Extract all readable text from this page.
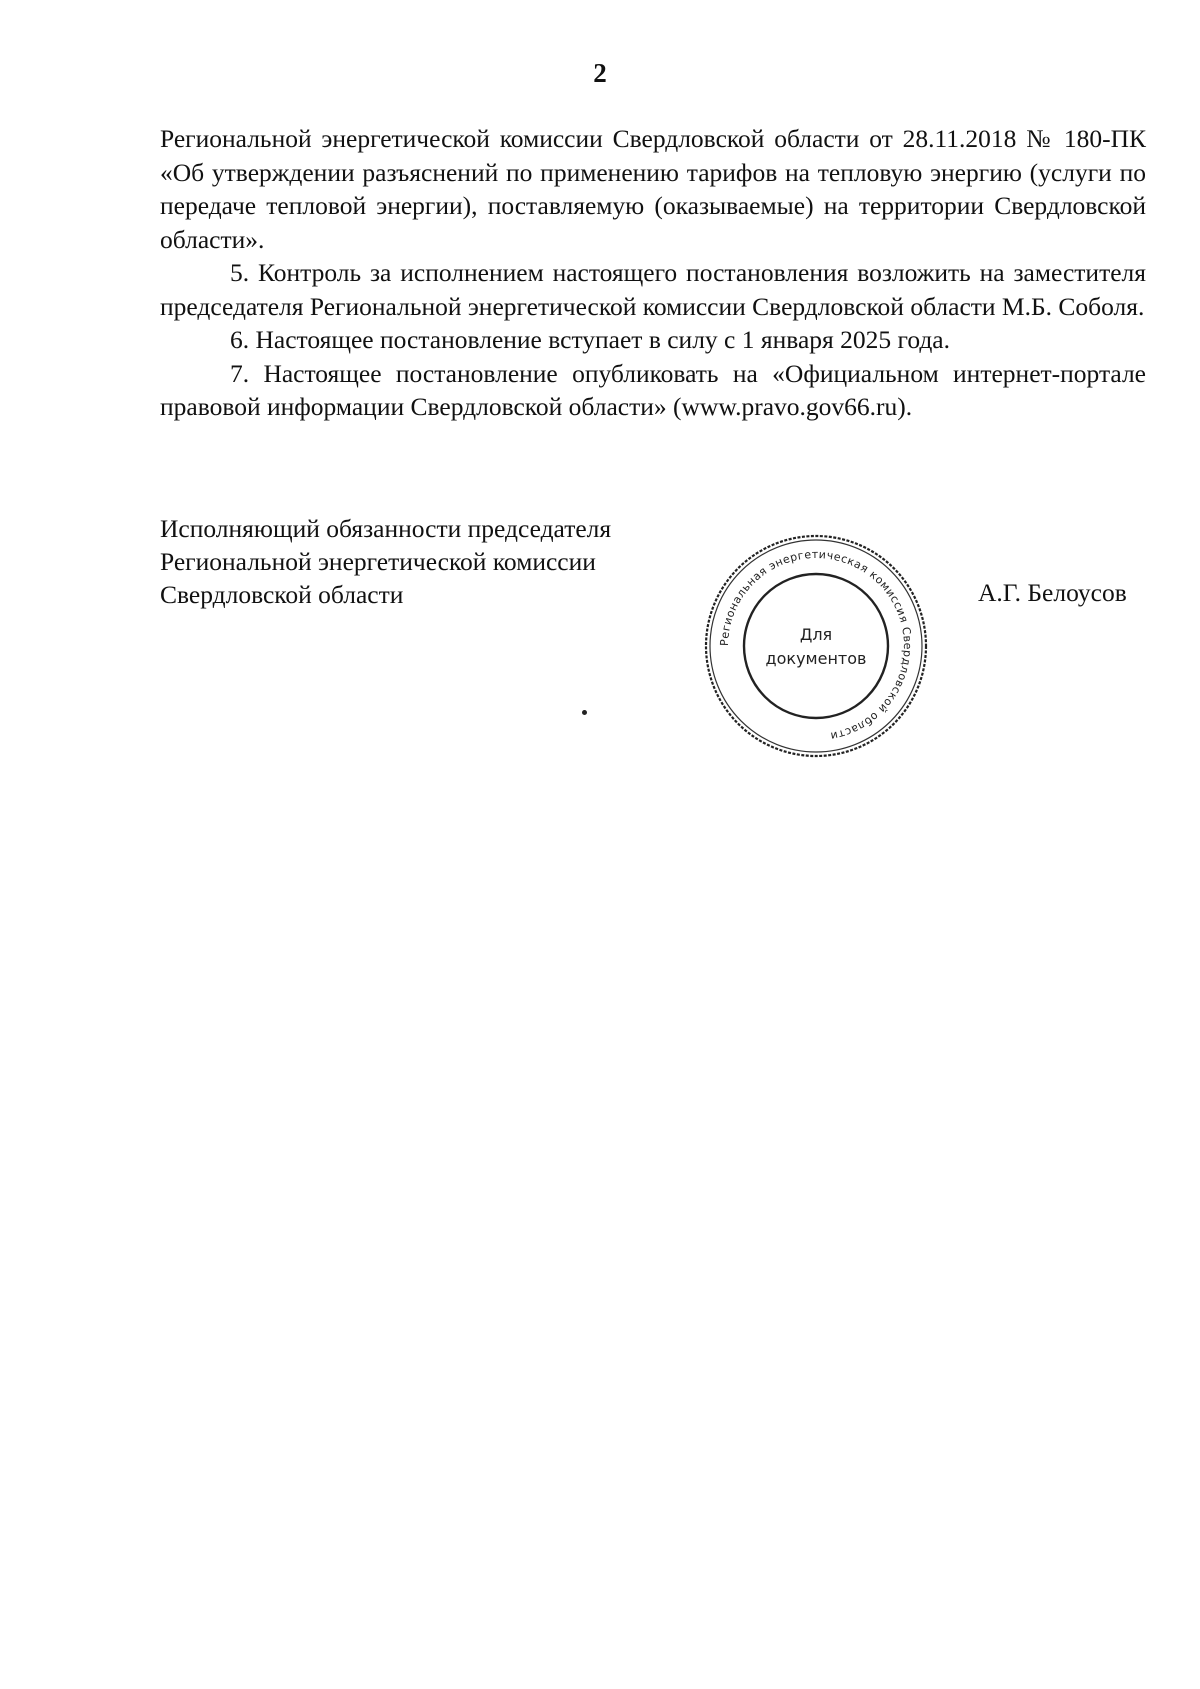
2

Региональной энергетической комиссии Свердловской области от 28.11.2018 № 180-ПК «Об утверждении разъяснений по применению тарифов на тепловую энергию (услуги по передаче тепловой энергии), поставляемую (оказываемые) на территории Свердловской области».

5. Контроль за исполнением настоящего постановления возложить на заместителя председателя Региональной энергетической комиссии Свердловской области М.Б. Соболя.

6. Настоящее постановление вступает в силу с 1 января 2025 года.

7. Настоящее постановление опубликовать на «Официальном интернет-портале правовой информации Свердловской области» (www.pravo.gov66.ru).

Исполняющий обязанности председателя
Региональной энергетической комиссии
Свердловской области
Региональная энергетическая комиссия Свердловской области
Для
документов
А.Г. Белоусов
